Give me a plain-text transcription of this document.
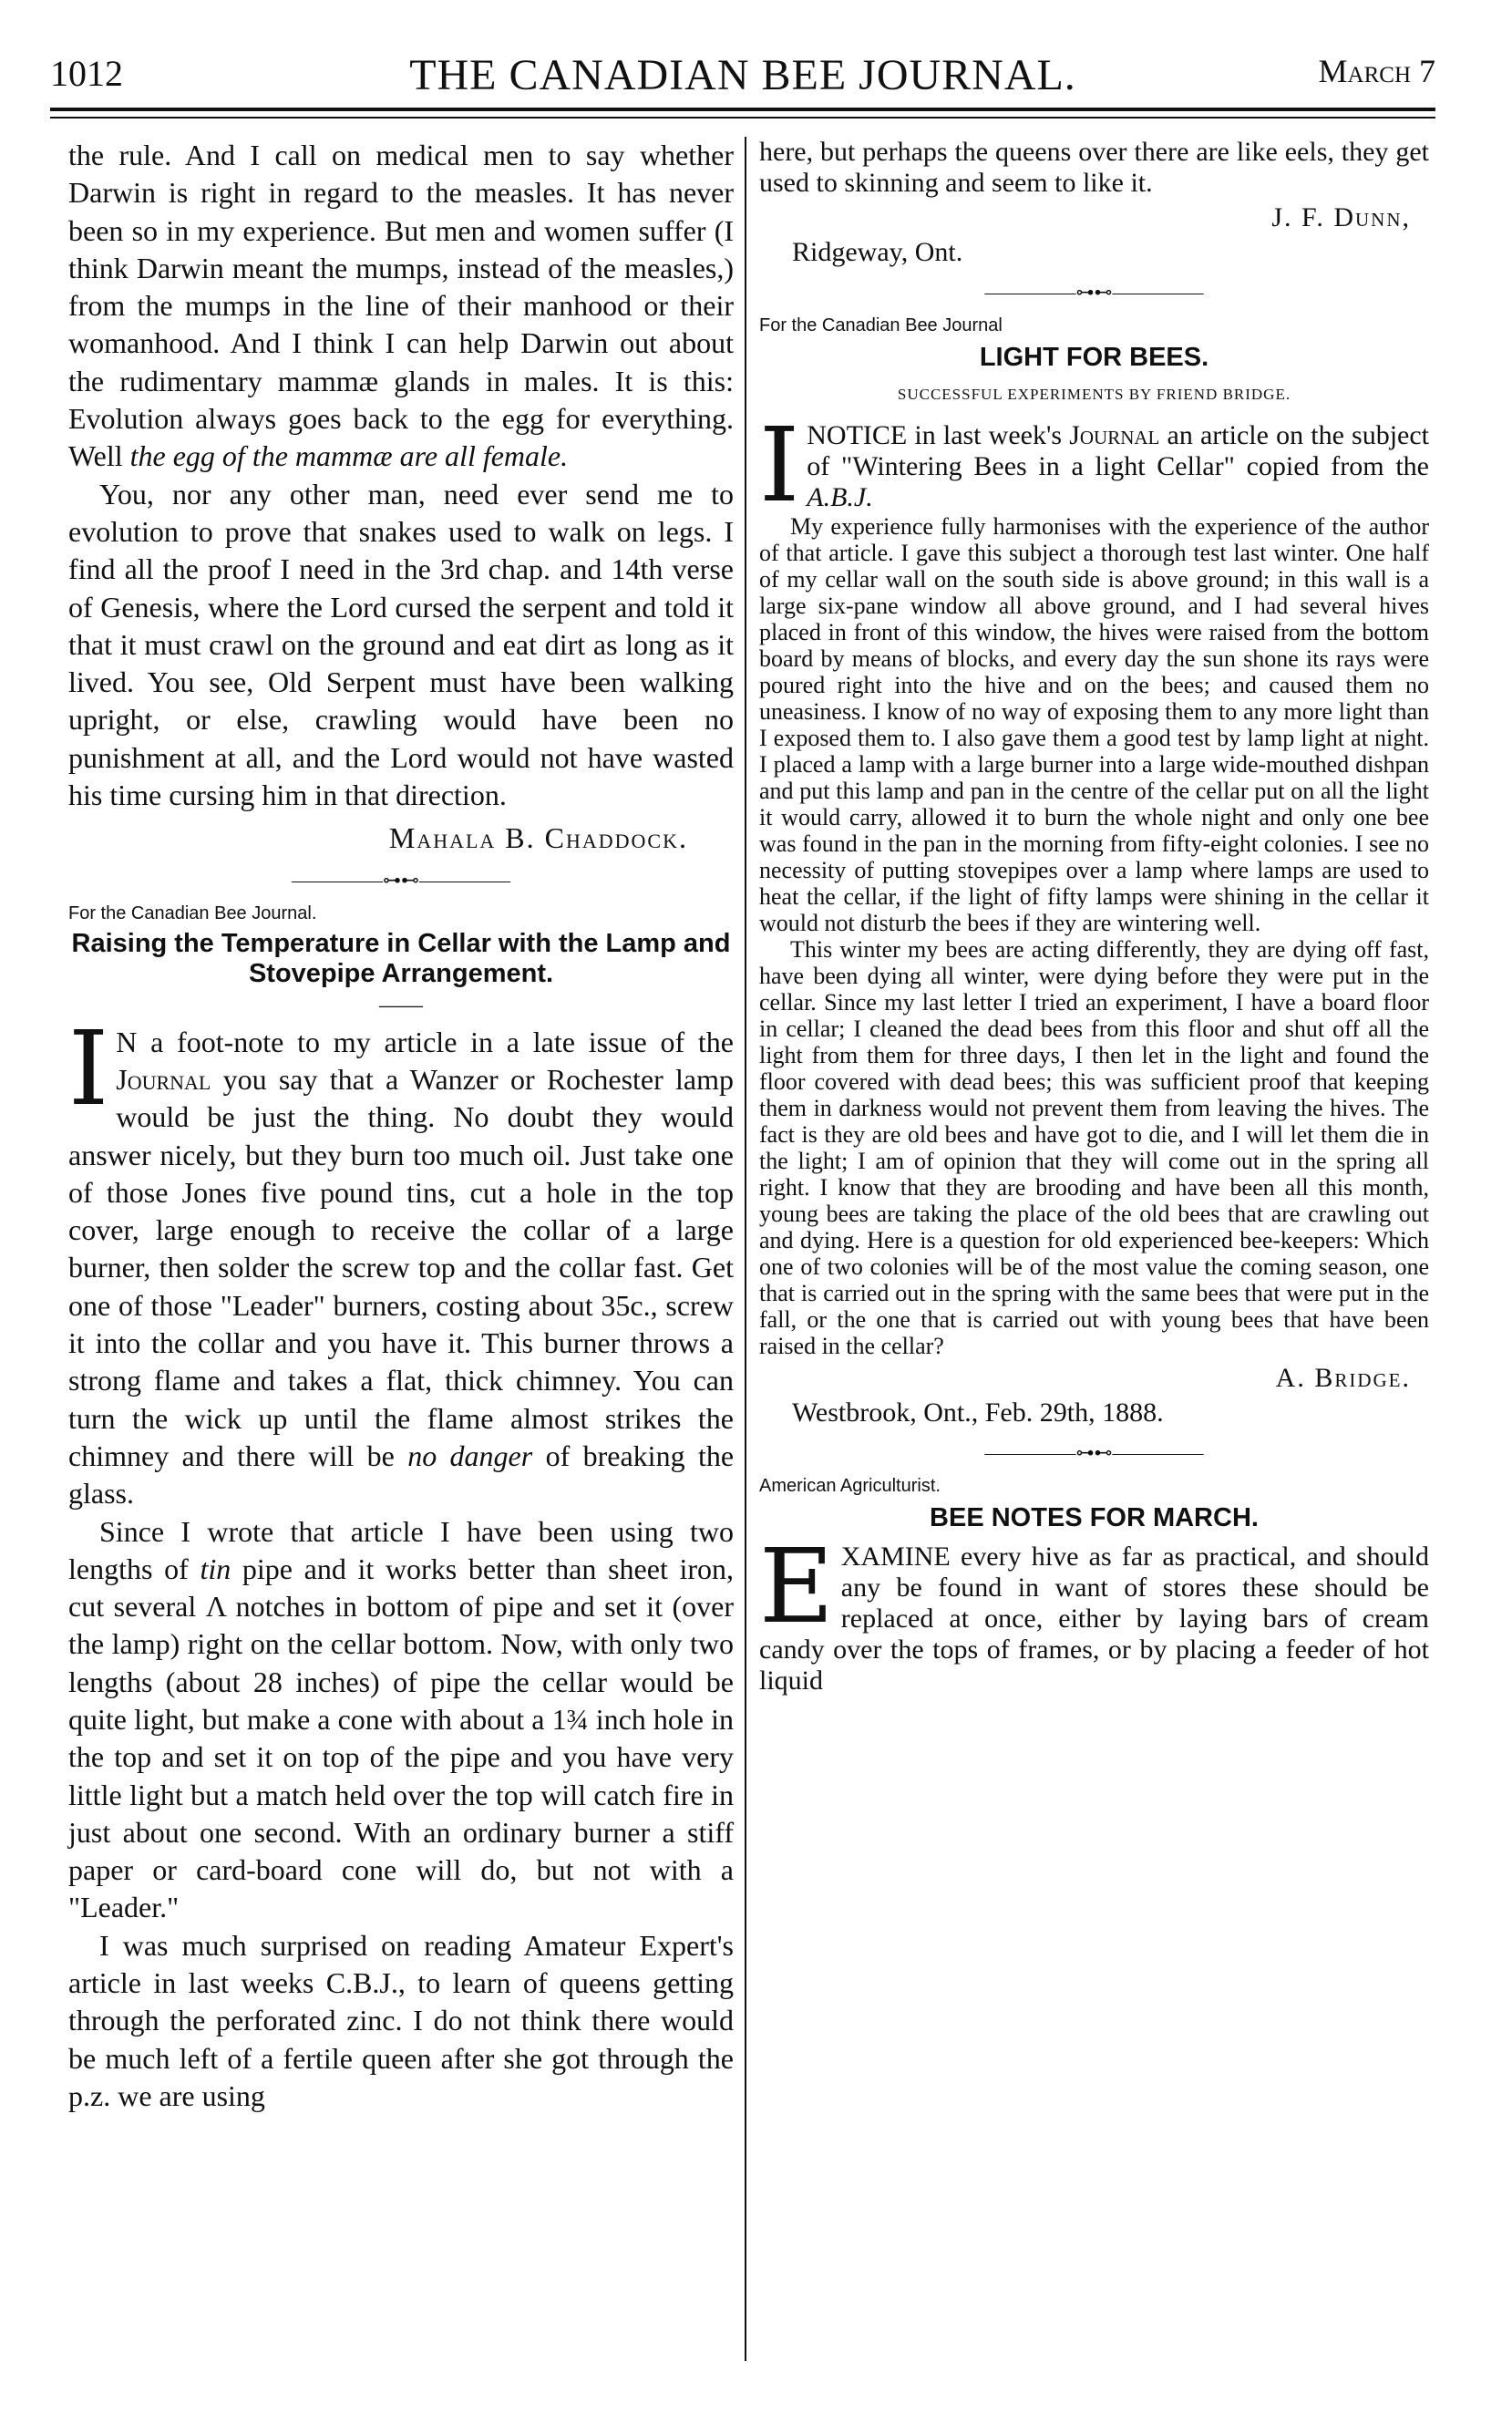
1012	THE CANADIAN BEE JOURNAL.	March 7

the rule. And I call on medical men to say whether Darwin is right in regard to the measles. It has never been so in my experience. But men and women suffer (I think Darwin meant the mumps, instead of the measles,) from the mumps in the line of their manhood or their womanhood. And I think I can help Darwin out about the rudimentary mammæ glands in males. It is this: Evolution always goes back to the egg for everything. Well the egg of the mammæ are all female.

You, nor any other man, need ever send me to evolution to prove that snakes used to walk on legs. I find all the proof I need in the 3rd chap. and 14th verse of Genesis, where the Lord cursed the serpent and told it that it must crawl on the ground and eat dirt as long as it lived. You see, Old Serpent must have been walking upright, or else, crawling would have been no punishment at all, and the Lord would not have wasted his time cursing him in that direction.

Mahala B. Chaddock.

—————⊶⊷—————

For the Canadian Bee Journal.

Raising the Temperature in Cellar with the Lamp and Stovepipe Arrangement.
——

I N a foot-note to my article in a late issue of the Journal you say that a Wanzer or Rochester lamp would be just the thing. No doubt they would answer nicely, but they burn too much oil. Just take one of those Jones five pound tins, cut a hole in the top cover, large enough to receive the collar of a large burner, then solder the screw top and the collar fast. Get one of those "Leader" burners, costing about 35c., screw it into the collar and you have it. This burner throws a strong flame and takes a flat, thick chimney. You can turn the wick up until the flame almost strikes the chimney and there will be no danger of breaking the glass.

Since I wrote that article I have been using two lengths of tin pipe and it works better than sheet iron, cut several Λ notches in bottom of pipe and set it (over the lamp) right on the cellar bottom. Now, with only two lengths (about 28 inches) of pipe the cellar would be quite light, but make a cone with about a 1¾ inch hole in the top and set it on top of the pipe and you have very little light but a match held over the top will catch fire in just about one second. With an ordinary burner a stiff paper or card-board cone will do, but not with a "Leader."

I was much surprised on reading Amateur Expert's article in last weeks C.B.J., to learn of queens getting through the perforated zinc. I do not think there would be much left of a fertile queen after she got through the p.z. we are using

here, but perhaps the queens over there are like eels, they get used to skinning and seem to like it.

J. F. Dunn,

Ridgeway, Ont.

—————⊶⊷—————

For the Canadian Bee Journal

LIGHT FOR BEES.
SUCCESSFUL EXPERIMENTS BY FRIEND BRIDGE.

INOTICE in last week's Journal an article on the subject of "Wintering Bees in a light Cellar" copied from the A.B.J.

My experience fully harmonises with the experience of the author of that article. I gave this subject a thorough test last winter. One half of my cellar wall on the south side is above ground; in this wall is a large six-pane window all above ground, and I had several hives placed in front of this window, the hives were raised from the bottom board by means of blocks, and every day the sun shone its rays were poured right into the hive and on the bees; and caused them no uneasiness. I know of no way of exposing them to any more light than I exposed them to. I also gave them a good test by lamp light at night. I placed a lamp with a large burner into a large wide-mouthed dishpan and put this lamp and pan in the centre of the cellar put on all the light it would carry, allowed it to burn the whole night and only one bee was found in the pan in the morning from fifty-eight colonies. I see no necessity of putting stovepipes over a lamp where lamps are used to heat the cellar, if the light of fifty lamps were shining in the cellar it would not disturb the bees if they are wintering well.

This winter my bees are acting differently, they are dying off fast, have been dying all winter, were dying before they were put in the cellar. Since my last letter I tried an experiment, I have a board floor in cellar; I cleaned the dead bees from this floor and shut off all the light from them for three days, I then let in the light and found the floor covered with dead bees; this was sufficient proof that keeping them in darkness would not prevent them from leaving the hives. The fact is they are old bees and have got to die, and I will let them die in the light; I am of opinion that they will come out in the spring all right. I know that they are brooding and have been all this month, young bees are taking the place of the old bees that are crawling out and dying. Here is a question for old experienced bee-keepers: Which one of two colonies will be of the most value the coming season, one that is carried out in the spring with the same bees that were put in the fall, or the one that is carried out with young bees that have been raised in the cellar?

A. Bridge.

Westbrook, Ont., Feb. 29th, 1888.

—————⊶⊷—————

American Agriculturist.

BEE NOTES FOR MARCH.

EXAMINE every hive as far as practical, and should any be found in want of stores these should be replaced at once, either by laying bars of cream candy over the tops of frames, or by placing a feeder of hot liquid
